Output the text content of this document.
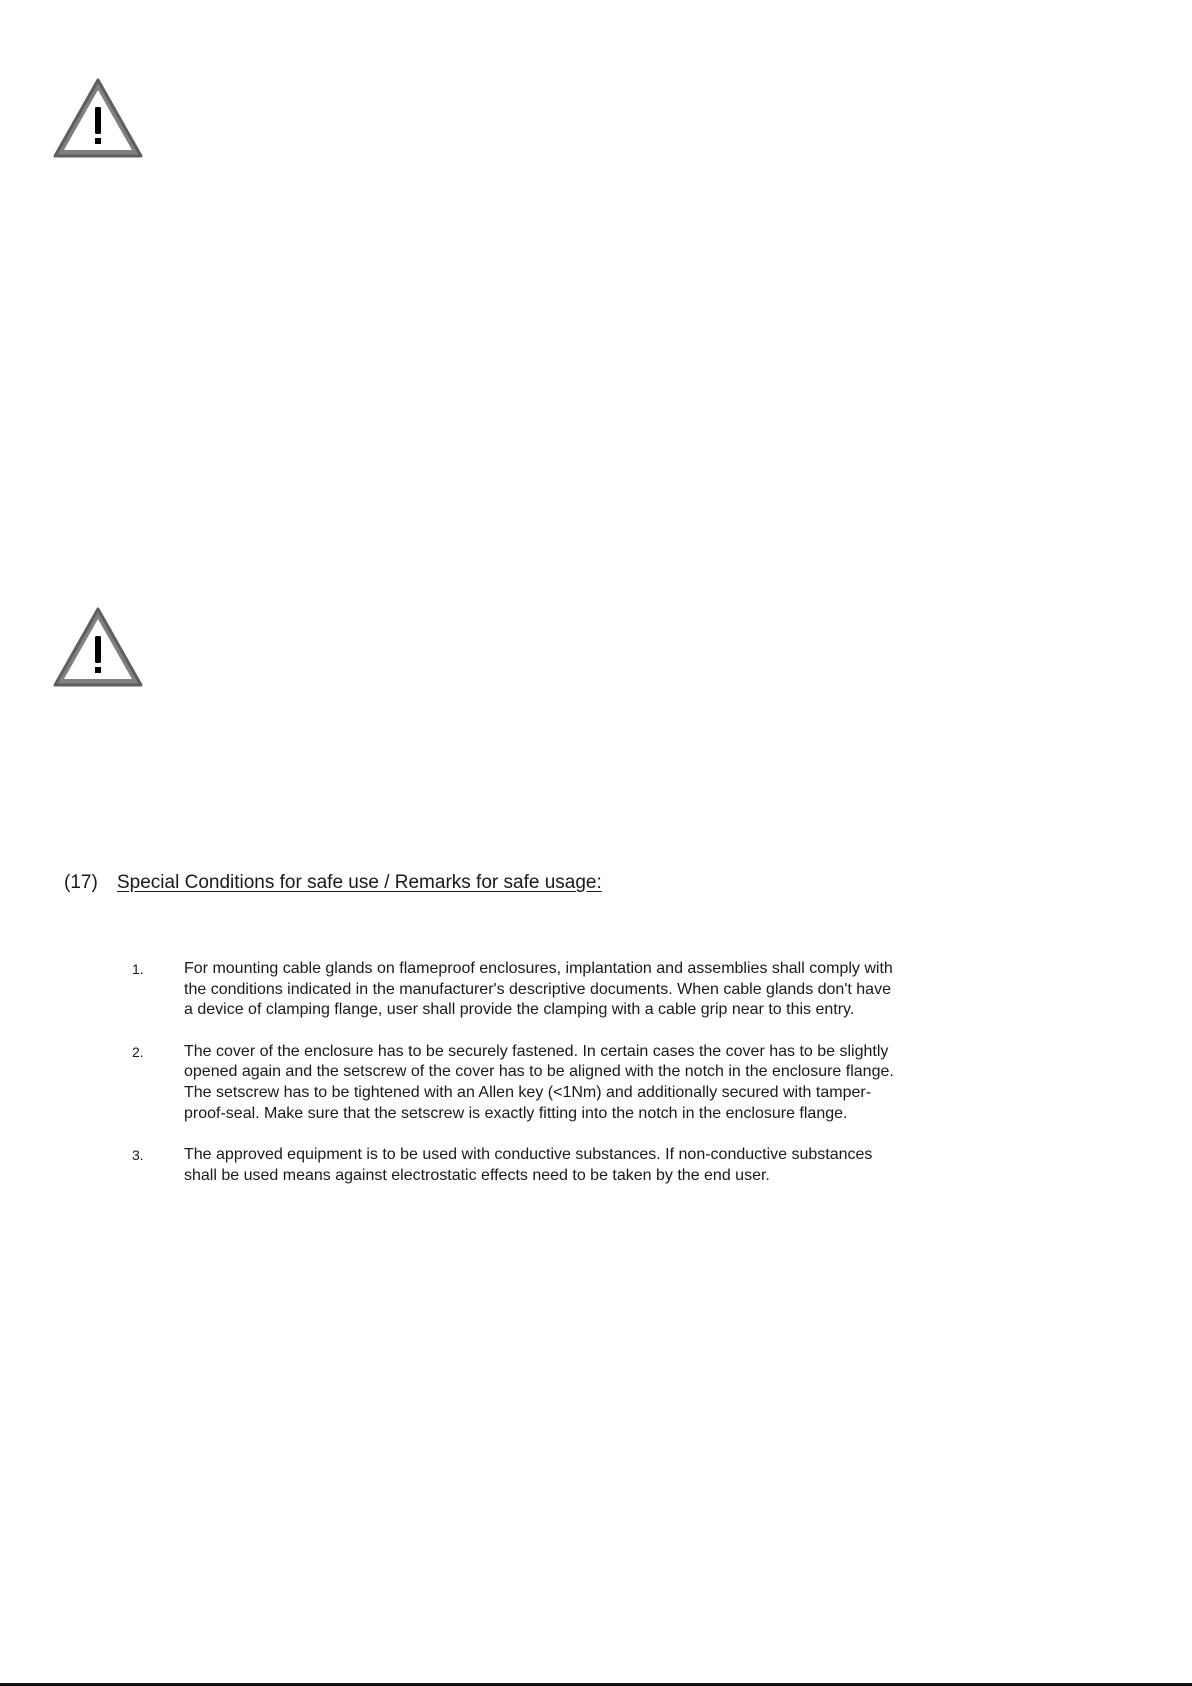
(17) Special Conditions for safe use / Remarks for safe usage:
1.	For mounting cable glands on flameproof enclosures, implantation and assemblies shall comply with the conditions indicated in the manufacturer's descriptive documents. When cable glands don't have a device of clamping flange, user shall provide the clamping with a cable grip near to this entry.
2.	The cover of the enclosure has to be securely fastened. In certain cases the cover has to be slightly opened again and the setscrew of the cover has to be aligned with the notch in the enclosure flange. The setscrew has to be tightened with an Allen key (<1Nm) and additionally secured with tamper-proof-seal. Make sure that the setscrew is exactly fitting into the notch in the enclosure flange.
3.	The approved equipment is to be used with conductive substances. If non-conductive substances shall be used means against electrostatic effects need to be taken by the end user.
